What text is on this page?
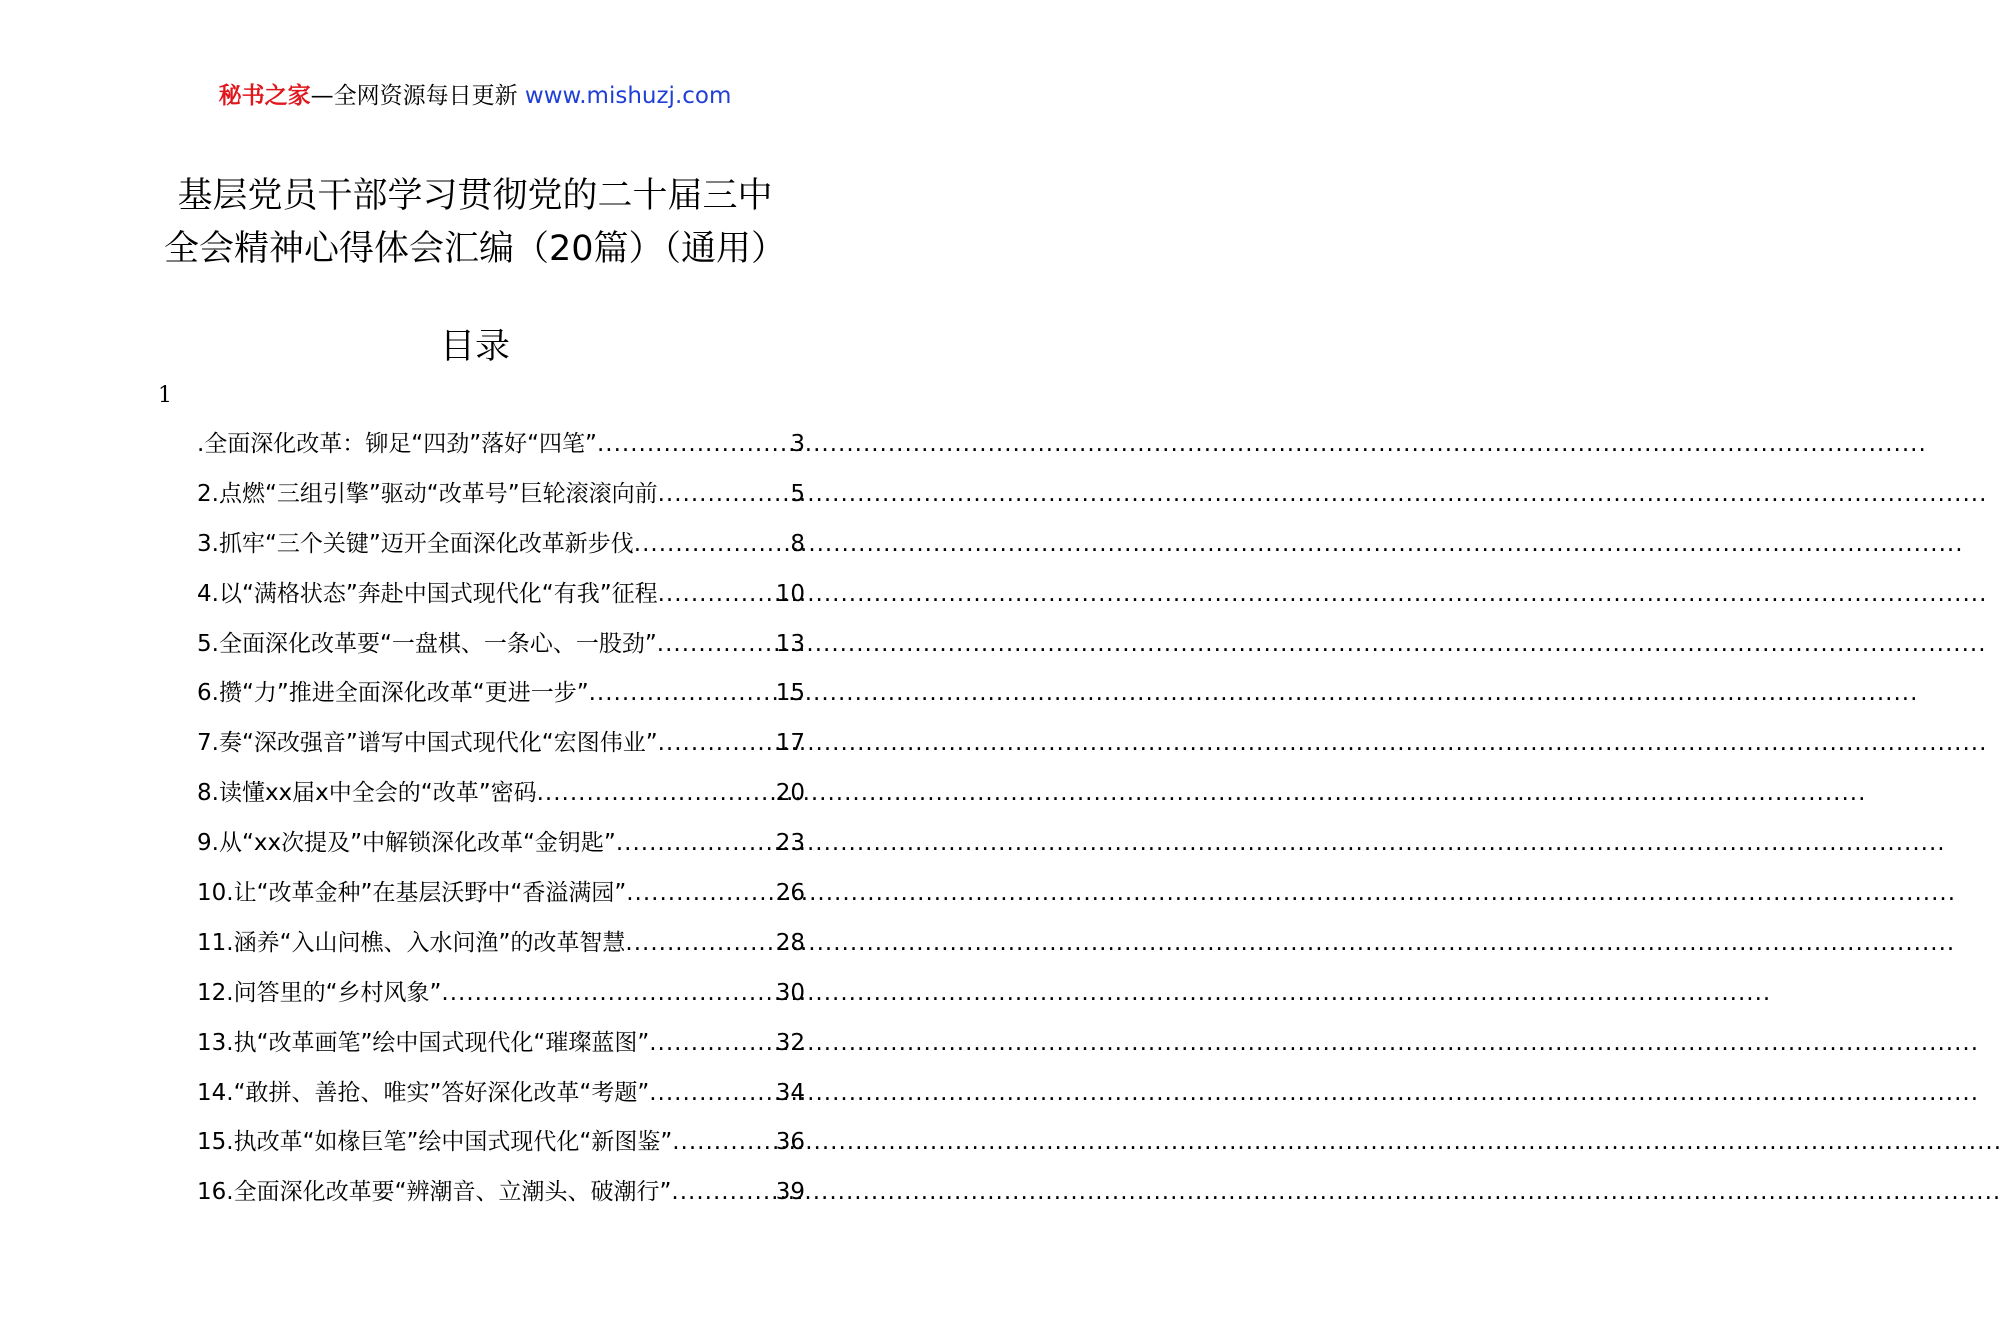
秘书之家—全网资源每日更新 www.mishuzj.com
基层党员干部学习贯彻党的二十届三中
全会精神心得体会汇编（20篇）（通用）
目录
1
.全面深化改革：铆足“四劲”落好“四笔” .....	3
2.点燃“三组引擎”驱动“改革号”巨轮滚滚向前 .....	5
3.抓牢“三个关键”迈开全面深化改革新步伐 .....	8
4.以“满格状态”奔赴中国式现代化“有我”征程 .....	10
5.全面深化改革要“一盘棋、一条心、一股劲” .....	13
6.攒“力”推进全面深化改革“更进一步” .....	15
7.奏“深改强音”谱写中国式现代化“宏图伟业” .....	17
8.读懂xx届x中全会的“改革”密码 .....	20
9.从“xx次提及”中解锁深化改革“金钥匙” .....	23
10.让“改革金种”在基层沃野中“香溢满园” .....	26
11.涵养“入山问樵、入水问渔”的改革智慧 .....	28
12.问答里的“乡村风象” .....	30
13.执“改革画笔”绘中国式现代化“璀璨蓝图” .....	32
14.“敢拼、善抢、唯实”答好深化改革“考题” .....	34
15.执改革“如椽巨笔”绘中国式现代化“新图鉴” .....	36
16.全面深化改革要“辨潮音、立潮头、破潮行” .....	39
